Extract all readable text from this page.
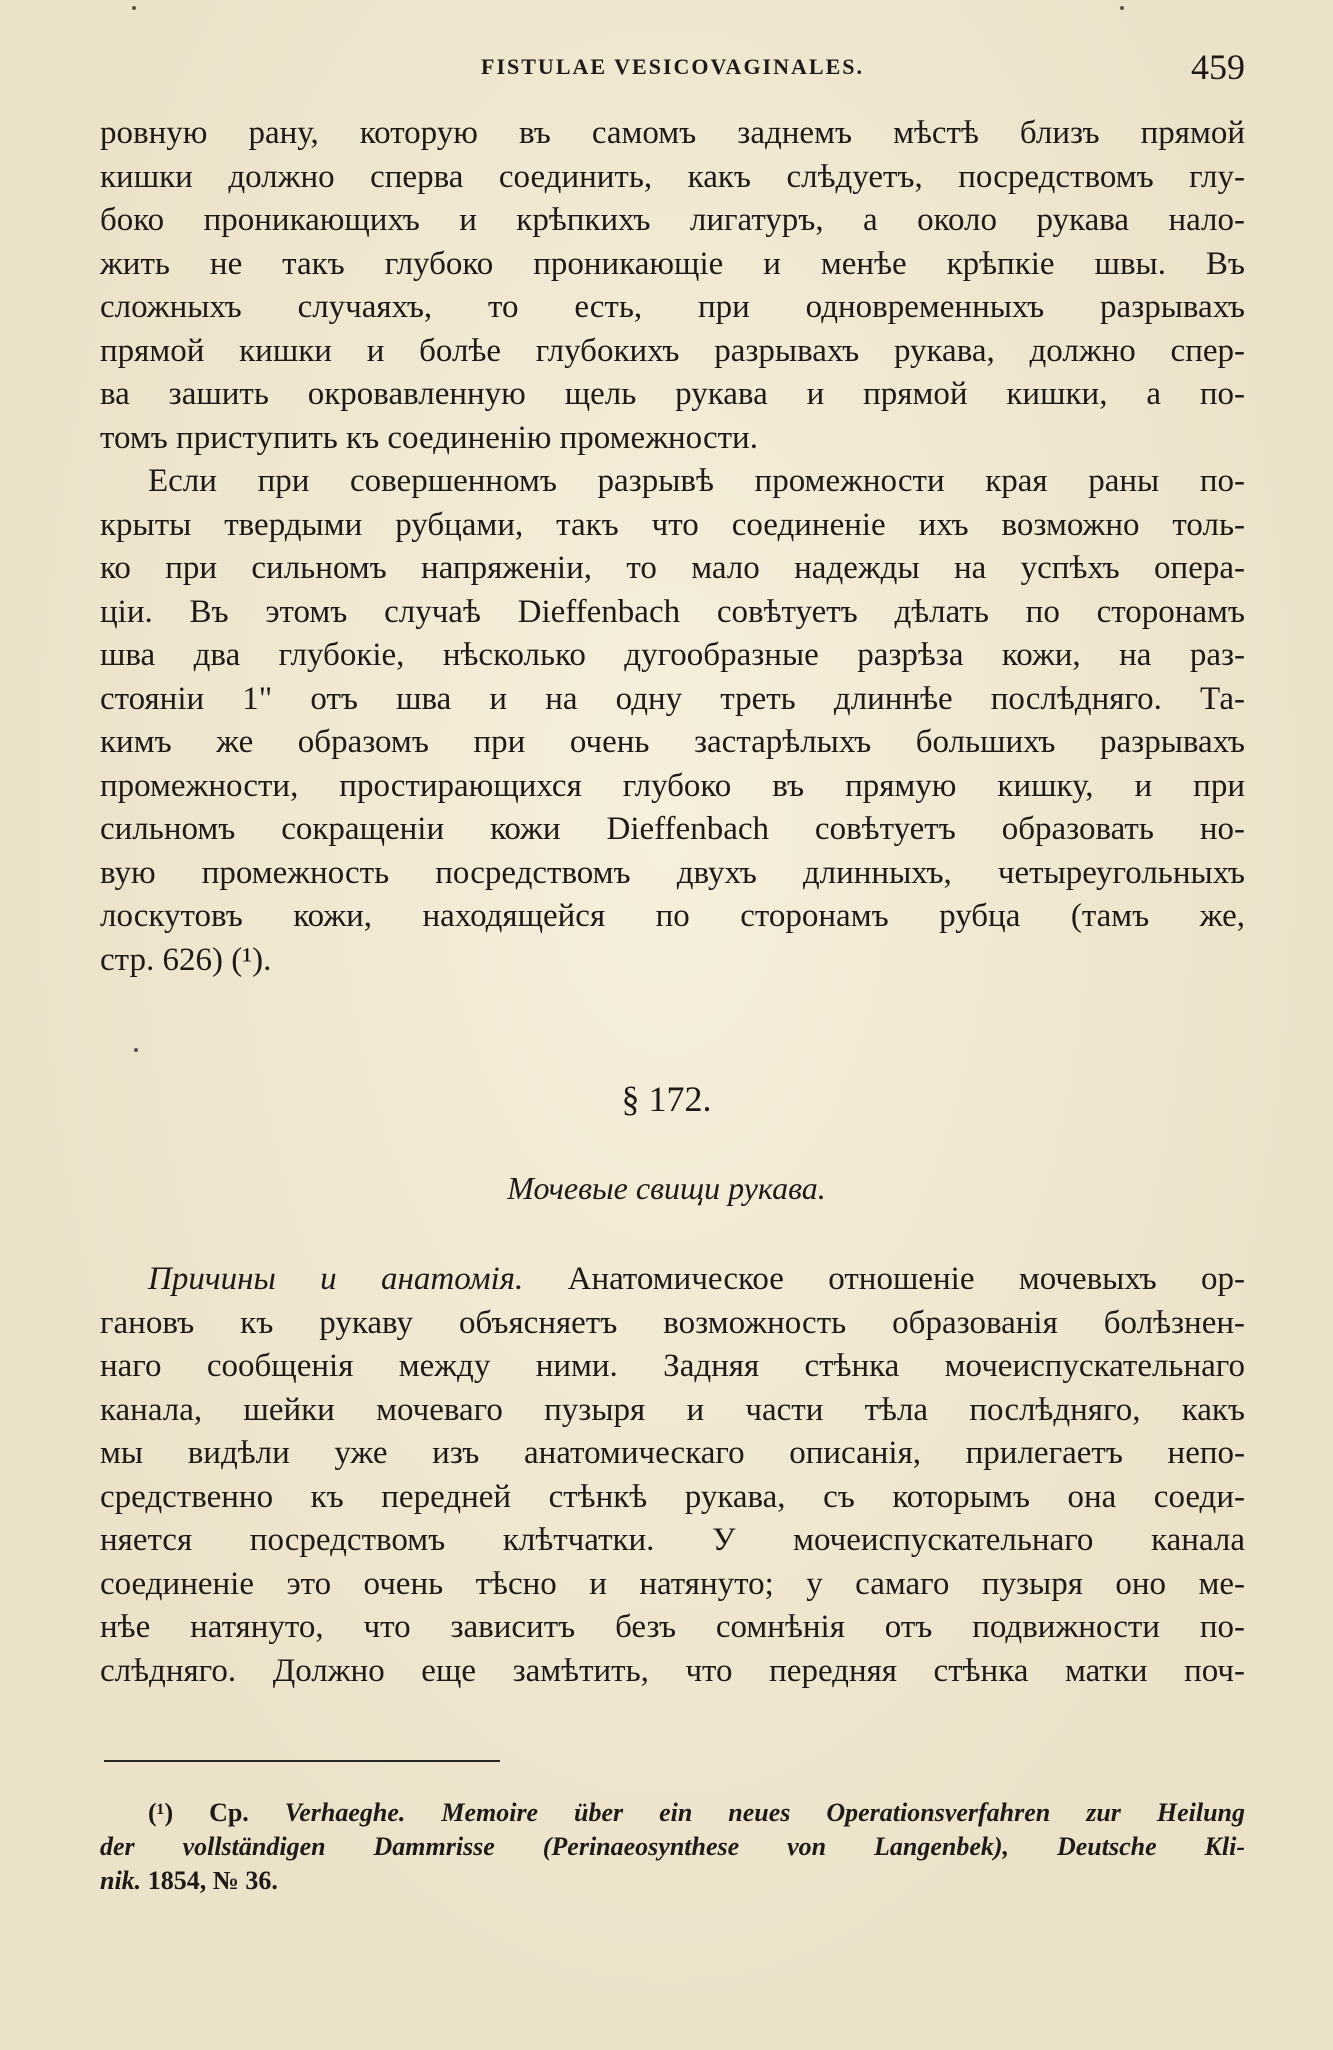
FISTULAE VESICOVAGINALES.	459
ровную рану, которую въ самомъ заднемъ мѣстѣ близъ прямой
кишки должно сперва соединить, какъ слѣдуетъ, посредствомъ глу-
боко проникающихъ и крѣпкихъ лигатуръ, а около рукава нало-
жить не такъ глубоко проникающіе и менѣе крѣпкіе швы. Въ
сложныхъ случаяхъ, то есть, при одновременныхъ разрывахъ
прямой кишки и болѣе глубокихъ разрывахъ рукава, должно спер-
ва зашить окровавленную щель рукава и прямой кишки, а по-
томъ приступить къ соединенію промежности.
Если при совершенномъ разрывѣ промежности края раны по-
крыты твердыми рубцами, такъ что соединеніе ихъ возможно толь-
ко при сильномъ напряженіи, то мало надежды на успѣхъ опера-
ціи. Въ этомъ случаѣ Dieffenbach совѣтуетъ дѣлать по сторонамъ
шва два глубокіе, нѣсколько дугообразные разрѣза кожи, на раз-
стояніи 1" отъ шва и на одну треть длиннѣе послѣдняго. Та-
кимъ же образомъ при очень застарѣлыхъ большихъ разрывахъ
промежности, простирающихся глубоко въ прямую кишку, и при
сильномъ сокращеніи кожи Dieffenbach совѣтуетъ образовать но-
вую промежность посредствомъ двухъ длинныхъ, четыреугольныхъ
лоскутовъ кожи, находящейся по сторонамъ рубца (тамъ же,
стр. 626) (¹).
§ 172.
Мочевые свищи рукава.
Причины и анатомія. Анатомическое отношеніе мочевыхъ ор-
гановъ къ рукаву объясняетъ возможность образованія болѣзнен-
наго сообщенія между ними. Задняя стѣнка мочеиспускательнаго
канала, шейки мочеваго пузыря и части тѣла послѣдняго, какъ
мы видѣли уже изъ анатомическаго описанія, прилегаетъ непо-
средственно къ передней стѣнкѣ рукава, съ которымъ она соеди-
няется посредствомъ клѣтчатки. У мочеиспускательнаго канала
соединеніе это очень тѣсно и натянуто; у самаго пузыря оно ме-
нѣе натянуто, что зависитъ безъ сомнѣнія отъ подвижности по-
слѣдняго. Должно еще замѣтить, что передняя стѣнка матки поч-
(¹) Cp. Verhaeghe. Memoire über ein neues Operationsverfahren zur Heilung
der vollständigen Dammrisse (Perinaeosynthese von Langenbek), Deutsche Kli-
nik. 1854, № 36.
